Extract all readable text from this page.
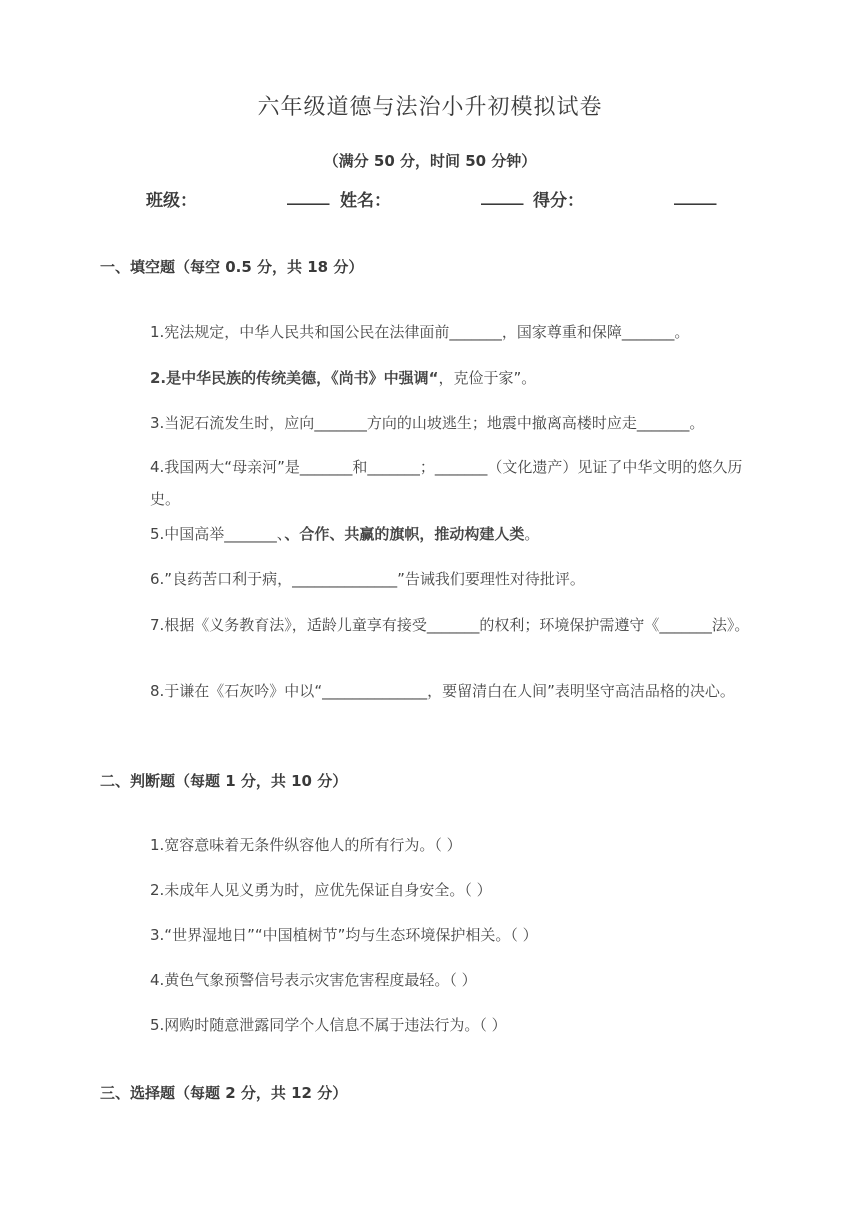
六年级道德与法治小升初模拟试卷
（满分 50 分，时间 50 分钟）
班级：	_____ 姓名：	_____ 得分：	_____
一、填空题（每空 0.5 分，共 18 分）
1.宪法规定，中华人民共和国公民在法律面前_______，国家尊重和保障_______。
2.是中华民族的传统美德，《尚书》中强调“，克俭于家”。
3.当泥石流发生时，应向_______方向的山坡逃生；地震中撤离高楼时应走_______。
4.我国两大“母亲河”是_______和_______；_______（文化遗产）见证了中华文明的悠久历史。
5.中国高举_______、、合作、共赢的旗帜，推动构建人类。
6.”良药苦口利于病，______________”告诫我们要理性对待批评。
7.根据《义务教育法》，适龄儿童享有接受_______的权利；环境保护需遵守《_______法》。
8.于谦在《石灰吟》中以“______________，要留清白在人间”表明坚守高洁品格的决心。
二、判断题（每题 1 分，共 10 分）
1.宽容意味着无条件纵容他人的所有行为。（ ）
2.未成年人见义勇为时，应优先保证自身安全。（ ）
3.“世界湿地日”“中国植树节”均与生态环境保护相关。（ ）
4.黄色气象预警信号表示灾害危害程度最轻。（ ）
5.网购时随意泄露同学个人信息不属于违法行为。（ ）
三、选择题（每题 2 分，共 12 分）
